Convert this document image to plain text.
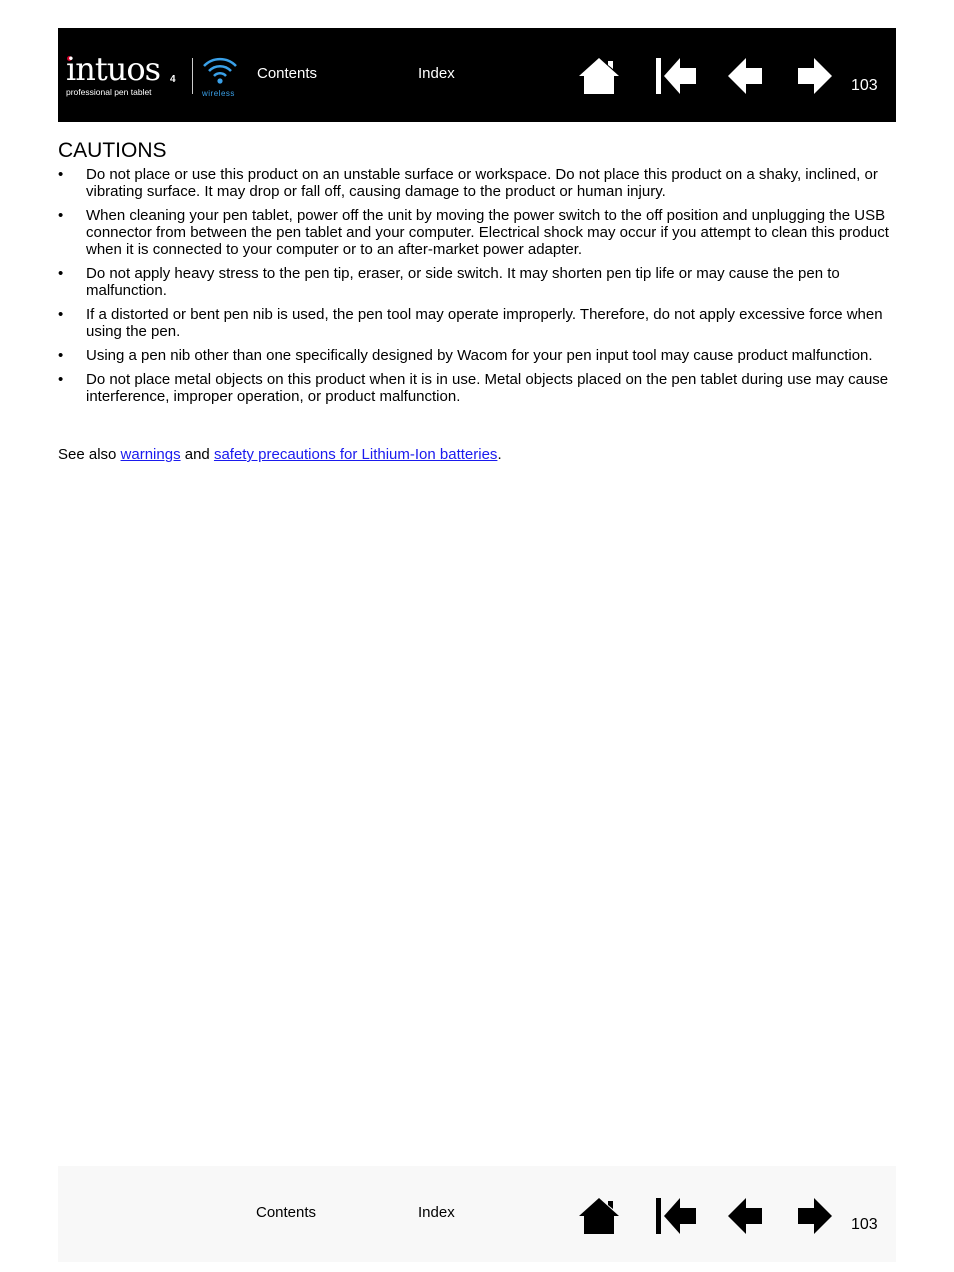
intuos 4
professional pen tablet	wireless
Contents	Index
103
CAUTIONS
• Do not place or use this product on an unstable surface or workspace. Do not place this product on a shaky, inclined, or vibrating surface. It may drop or fall off, causing damage to the product or human injury.
• When cleaning your pen tablet, power off the unit by moving the power switch to the off position and unplugging the USB connector from between the pen tablet and your computer. Electrical shock may occur if you attempt to clean this product when it is connected to your computer or to an after-market power adapter.
• Do not apply heavy stress to the pen tip, eraser, or side switch. It may shorten pen tip life or may cause the pen to malfunction.
• If a distorted or bent pen nib is used, the pen tool may operate improperly. Therefore, do not apply excessive force when using the pen.
• Using a pen nib other than one specifically designed by Wacom for your pen input tool may cause product malfunction.
• Do not place metal objects on this product when it is in use. Metal objects placed on the pen tablet during use may cause interference, improper operation, or product malfunction.

See also warnings and safety precautions for Lithium-Ion batteries.

Contents	Index
103
